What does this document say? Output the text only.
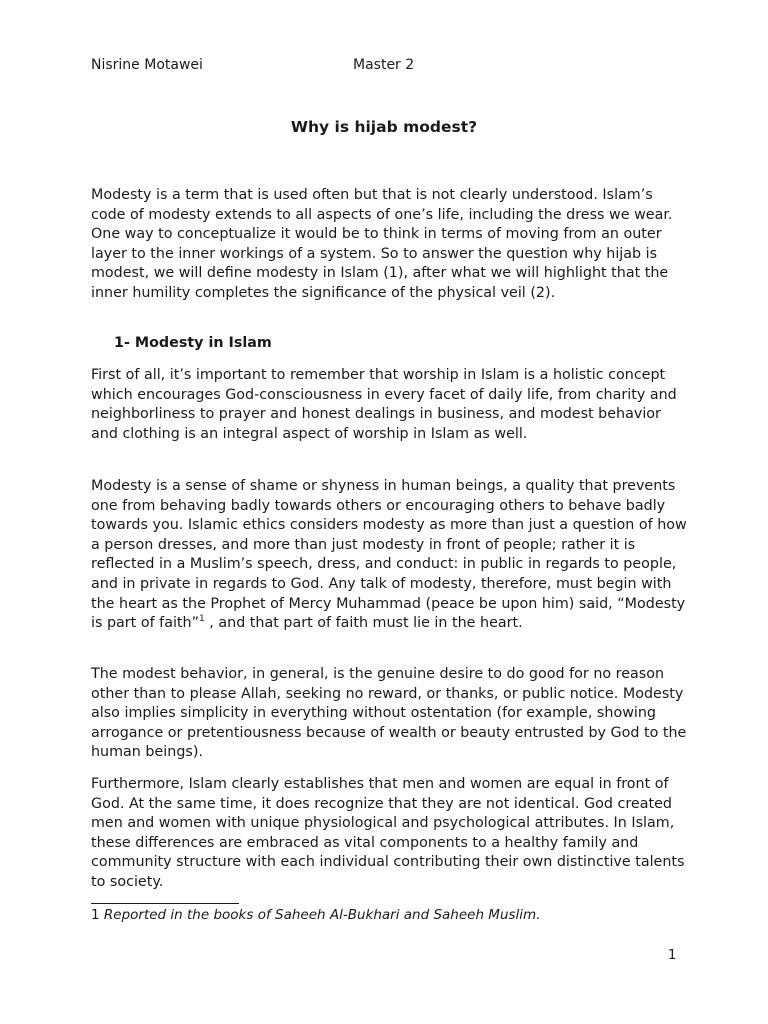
Nisrine Motawei	Master 2
Why is hijab modest?

Modesty is a term that is used often but that is not clearly understood. Islam’s code of modesty extends to all aspects of one’s life, including the dress we wear. One way to conceptualize it would be to think in terms of moving from an outer layer to the inner workings of a system. So to answer the question why hijab is modest, we will define modesty in Islam (1), after what we will highlight that the inner humility completes the significance of the physical veil (2).

1- Modesty in Islam

First of all, it’s important to remember that worship in Islam is a holistic concept which encourages God-consciousness in every facet of daily life, from charity and neighborliness to prayer and honest dealings in business, and modest behavior and clothing is an integral aspect of worship in Islam as well.

Modesty is a sense of shame or shyness in human beings, a quality that prevents one from behaving badly towards others or encouraging others to behave badly towards you. Islamic ethics considers modesty as more than just a question of how a person dresses, and more than just modesty in front of people; rather it is reflected in a Muslim’s speech, dress, and conduct: in public in regards to people, and in private in regards to God. Any talk of modesty, therefore, must begin with the heart as the Prophet of Mercy Muhammad (peace be upon him) said, “Modesty is part of faith”$^1$ , and that part of faith must lie in the heart.

The modest behavior, in general, is the genuine desire to do good for no reason other than to please Allah, seeking no reward, or thanks, or public notice. Modesty also implies simplicity in everything without ostentation (for example, showing arrogance or pretentiousness because of wealth or beauty entrusted by God to the human beings).

Furthermore, Islam clearly establishes that men and women are equal in front of God. At the same time, it does recognize that they are not identical. God created men and women with unique physiological and psychological attributes. In Islam, these differences are embraced as vital components to a healthy family and community structure with each individual contributing their own distinctive talents to society.

1 Reported in the books of Saheeh Al-Bukhari and Saheeh Muslim.
1
